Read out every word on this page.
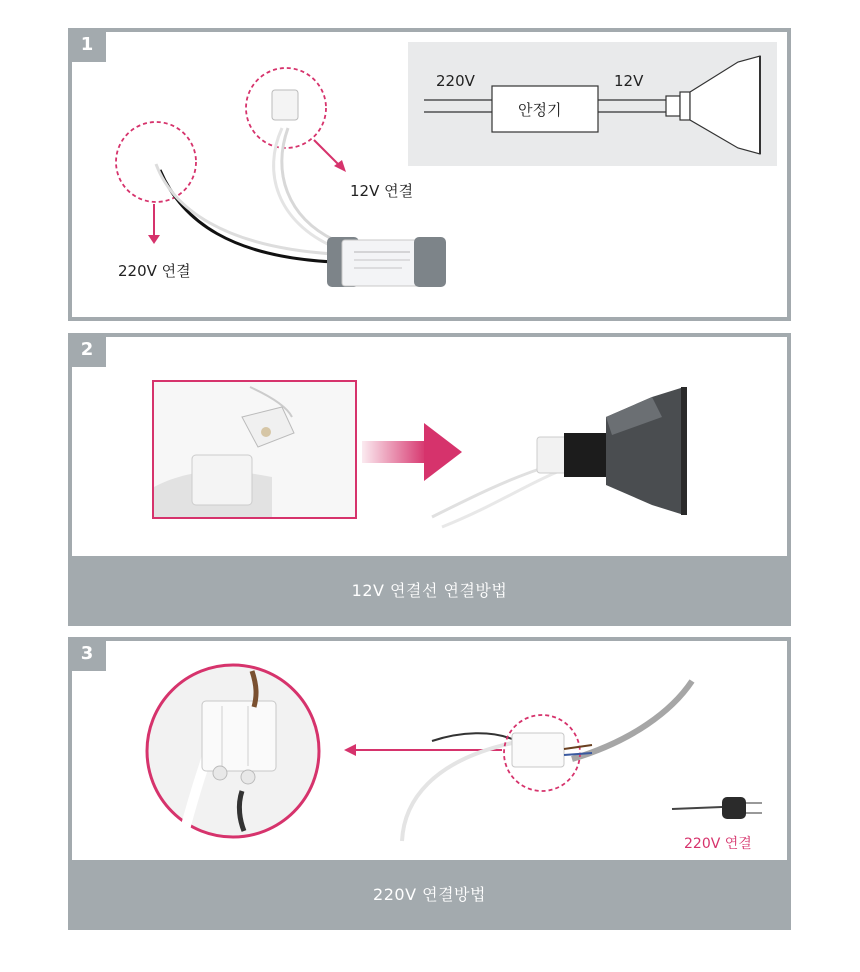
1
12V 연결
220V 연결
220V	12V
안정기
2
12V 연결선 연결방법
3
220V 연결
220V 연결방법
